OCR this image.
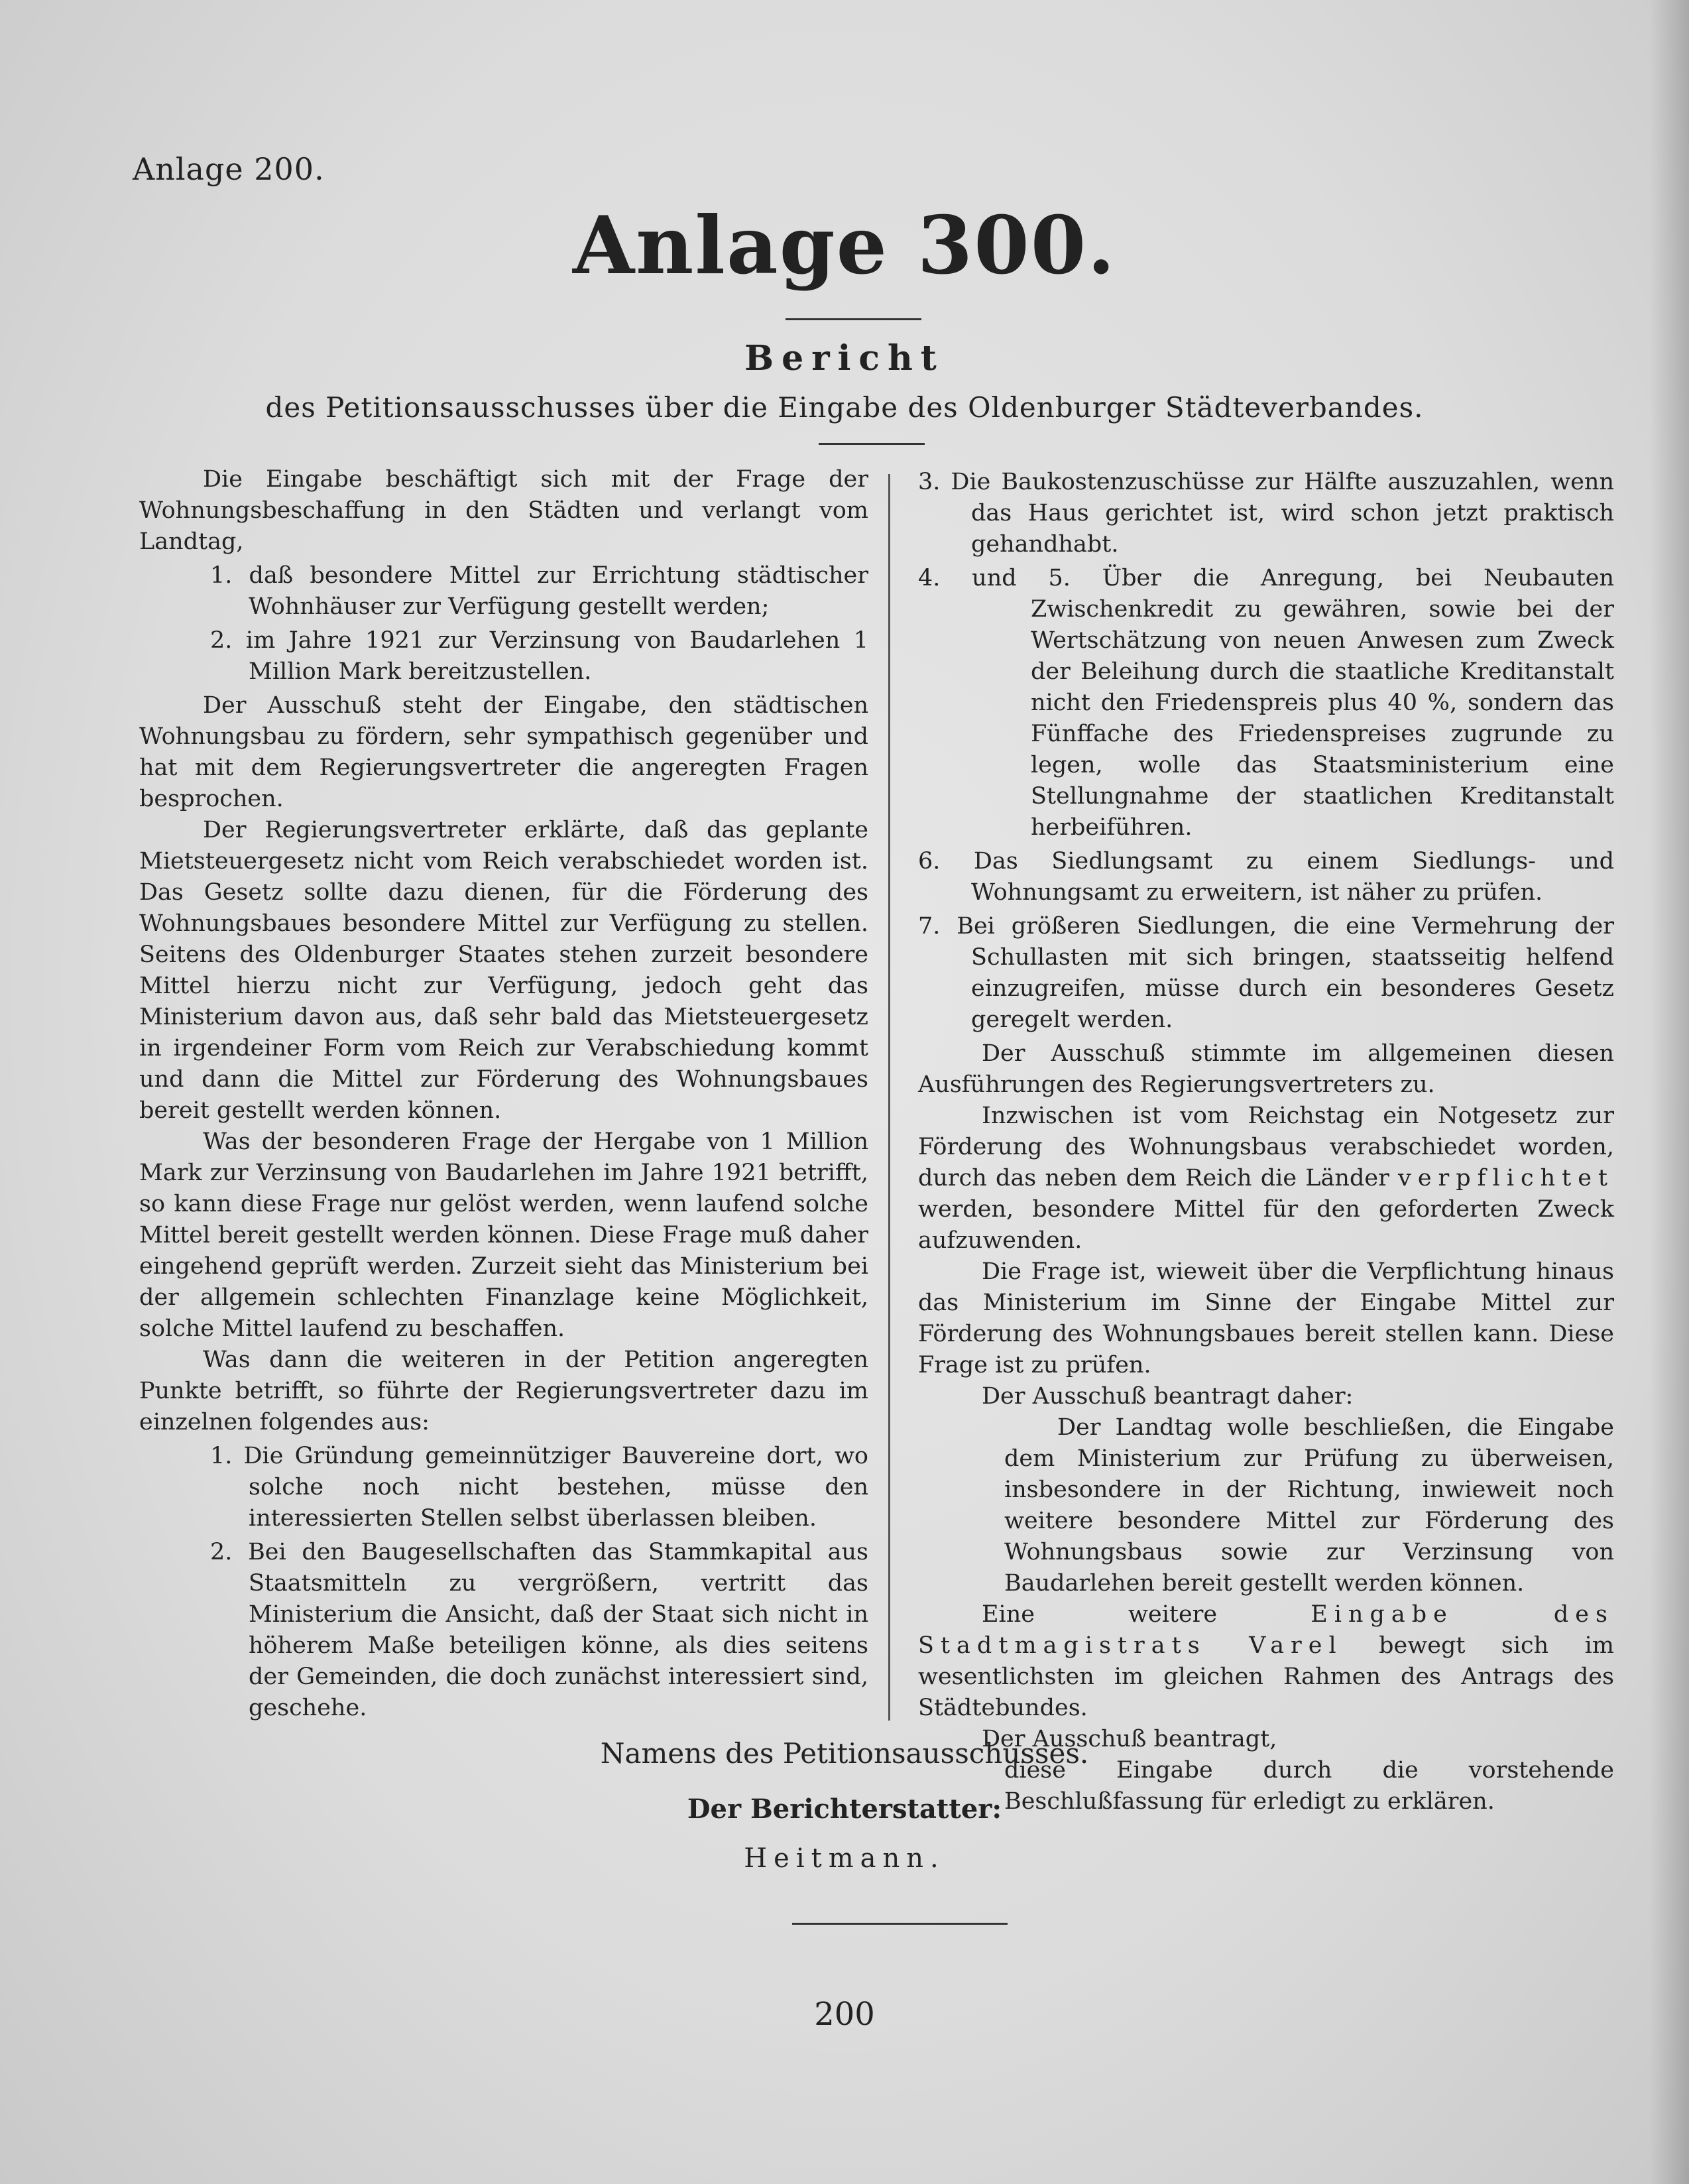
Anlage 200.
Anlage 300.
Bericht
des Petitionsausschusses über die Eingabe des Oldenburger Städteverbandes.

Die Eingabe beschäftigt sich mit der Frage der Wohnungsbeschaffung in den Städten und verlangt vom Landtag,

1. daß besondere Mittel zur Errichtung städtischer Wohnhäuser zur Verfügung gestellt werden;

2. im Jahre 1921 zur Verzinsung von Baudarlehen 1 Million Mark bereitzustellen.

Der Ausschuß steht der Eingabe, den städtischen Wohnungsbau zu fördern, sehr sympathisch gegenüber und hat mit dem Regierungsvertreter die angeregten Fragen besprochen.

Der Regierungsvertreter erklärte, daß das geplante Mietsteuergesetz nicht vom Reich verabschiedet worden ist. Das Gesetz sollte dazu dienen, für die Förderung des Wohnungsbaues besondere Mittel zur Verfügung zu stellen. Seitens des Oldenburger Staates stehen zurzeit besondere Mittel hierzu nicht zur Verfügung, jedoch geht das Ministerium davon aus, daß sehr bald das Mietsteuergesetz in irgendeiner Form vom Reich zur Verabschiedung kommt und dann die Mittel zur Förderung des Wohnungsbaues bereit gestellt werden können.

Was der besonderen Frage der Hergabe von 1 Million Mark zur Verzinsung von Baudarlehen im Jahre 1921 betrifft, so kann diese Frage nur gelöst werden, wenn laufend solche Mittel bereit gestellt werden können. Diese Frage muß daher eingehend geprüft werden. Zurzeit sieht das Ministerium bei der allgemein schlechten Finanzlage keine Möglichkeit, solche Mittel laufend zu beschaffen.

Was dann die weiteren in der Petition angeregten Punkte betrifft, so führte der Regierungsvertreter dazu im einzelnen folgendes aus:

1. Die Gründung gemeinnütziger Bauvereine dort, wo solche noch nicht bestehen, müsse den interessierten Stellen selbst überlassen bleiben.

2. Bei den Baugesellschaften das Stammkapital aus Staatsmitteln zu vergrößern, vertritt das Ministerium die Ansicht, daß der Staat sich nicht in höherem Maße beteiligen könne, als dies seitens der Gemeinden, die doch zunächst interessiert sind, geschehe.

3. Die Baukostenzuschüsse zur Hälfte auszuzahlen, wenn das Haus gerichtet ist, wird schon jetzt praktisch gehandhabt.

4. und 5. Über die Anregung, bei Neubauten Zwischenkredit zu gewähren, sowie bei der Wertschätzung von neuen Anwesen zum Zweck der Beleihung durch die staatliche Kreditanstalt nicht den Friedenspreis plus 40 %, sondern das Fünffache des Friedenspreises zugrunde zu legen, wolle das Staatsministerium eine Stellungnahme der staatlichen Kreditanstalt herbeiführen.

6. Das Siedlungsamt zu einem Siedlungs- und Wohnungsamt zu erweitern, ist näher zu prüfen.

7. Bei größeren Siedlungen, die eine Vermehrung der Schullasten mit sich bringen, staatsseitig helfend einzugreifen, müsse durch ein besonderes Gesetz geregelt werden.

Der Ausschuß stimmte im allgemeinen diesen Ausführungen des Regierungsvertreters zu.

Inzwischen ist vom Reichstag ein Notgesetz zur Förderung des Wohnungsbaus verabschiedet worden, durch das neben dem Reich die Länder verpflichtet werden, besondere Mittel für den geforderten Zweck aufzuwenden.

Die Frage ist, wieweit über die Verpflichtung hinaus das Ministerium im Sinne der Eingabe Mittel zur Förderung des Wohnungsbaues bereit stellen kann. Diese Frage ist zu prüfen.

Der Ausschuß beantragt daher:

Der Landtag wolle beschließen, die Eingabe dem Ministerium zur Prüfung zu überweisen, insbesondere in der Richtung, inwieweit noch weitere besondere Mittel zur Förderung des Wohnungsbaus sowie zur Verzinsung von Baudarlehen bereit gestellt werden können.

Eine weitere	Eingabe des Stadtmagistrats Varel bewegt sich im wesentlichsten im gleichen Rahmen des Antrags des Städtebundes.

Der Ausschuß beantragt,

diese Eingabe durch die vorstehende Beschlußfassung für erledigt zu erklären.

Namens des Petitionsausschusses.
Der Berichterstatter:
Heitmann.
200
